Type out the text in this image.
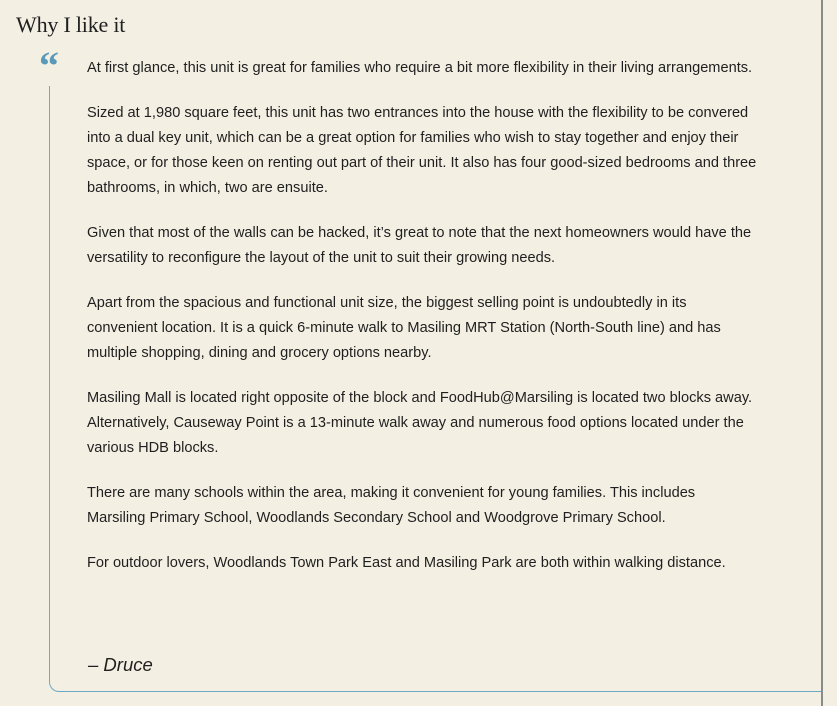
Why I like it
“ At first glance, this unit is great for families who require a bit more flexibility in their living arrangements.

Sized at 1,980 square feet, this unit has two entrances into the house with the flexibility to be convered into a dual key unit, which can be a great option for families who wish to stay together and enjoy their space, or for those keen on renting out part of their unit. It also has four good-sized bedrooms and three bathrooms, in which, two are ensuite.

Given that most of the walls can be hacked, it’s great to note that the next homeowners would have the versatility to reconfigure the layout of the unit to suit their growing needs.

Apart from the spacious and functional unit size, the biggest selling point is undoubtedly in its convenient location. It is a quick 6-minute walk to Masiling MRT Station (North-South line) and has multiple shopping, dining and grocery options nearby.

Masiling Mall is located right opposite of the block and FoodHub@Marsiling is located two blocks away. Alternatively, Causeway Point is a 13-minute walk away and numerous food options located under the various HDB blocks.

There are many schools within the area, making it convenient for young families. This includes Marsiling Primary School, Woodlands Secondary School and Woodgrove Primary School.

For outdoor lovers, Woodlands Town Park East and Masiling Park are both within walking distance.

– Druce
